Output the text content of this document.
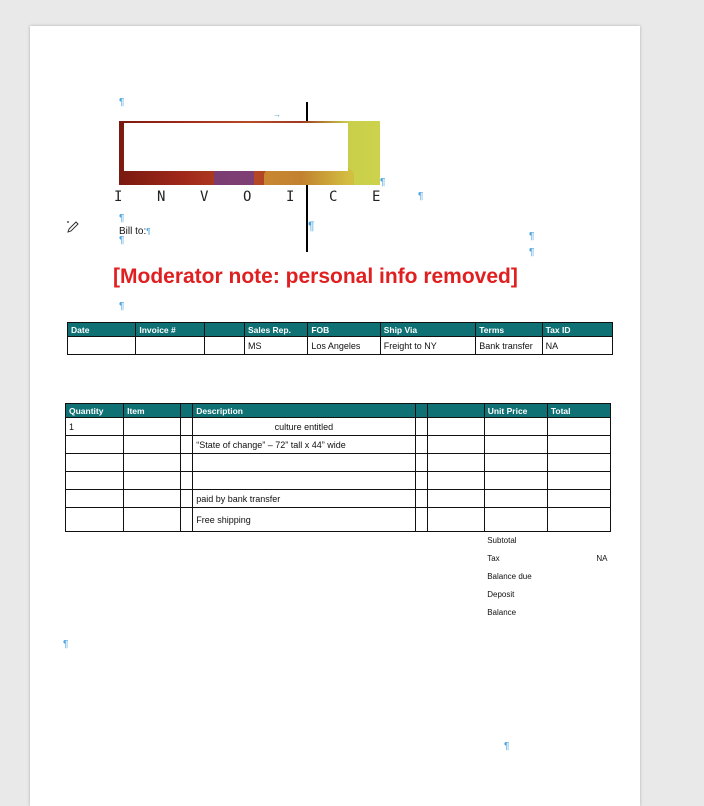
¶
→
¶
¶
¶
¶
¶
¶
¶
¶
¶
¶
I N V O I C E
Bill to:¶
[Moderator note: personal info removed]
Date	Invoice #		Sales Rep.	FOB	Ship Via	Terms	Tax ID
			MS	Los Angeles	Freight to NY	Bank transfer	NA
Quantity	Item		Description			Unit Price	Total
1			culture entitled				
			“State of change” – 72” tall x 44” wide				

			paid by bank transfer				
			Free shipping				
						Subtotal	
						Tax	NA
						Balance due	
						Deposit	
						Balance	
